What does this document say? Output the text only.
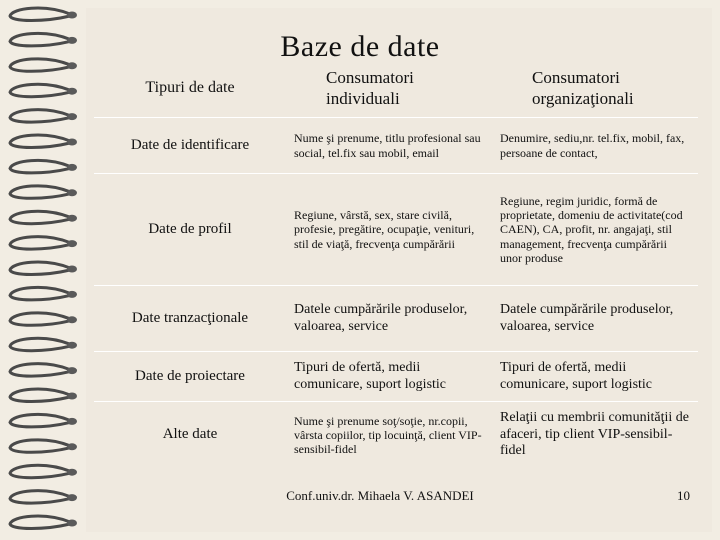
Baze de date
Tipuri de date
Consumatori individuali
Consumatori organizaţionali
Date de identificare	Nume şi prenume, titlu profesional sau social, tel.fix sau mobil, email
Denumire, sediu,nr. tel.fix, mobil, fax, persoane de contact,
Date de profil
Regiune, vârstă, sex, stare civilă, profesie, pregătire, ocupaţie, venituri, stil de viaţă, frecvenţa cumpărării
Regiune, regim juridic, formă de proprietate, domeniu de activitate(cod CAEN), CA, profit, nr. angajaţi, stil management, frecvenţa cumpărării unor produse
Date tranzacţionale
Datele cumpărările produselor, valoarea, service
Datele cumpărările produselor, valoarea, service
Date de proiectare
Tipuri de ofertă, medii comunicare, suport logistic
Tipuri de ofertă, medii comunicare, suport logistic
Alte date
Nume şi prenume soţ/soţie, nr.copii, vârsta copiilor, tip locuinţă, client VIP-sensibil-fidel
Relaţii cu membrii comunităţii de afaceri, tip client VIP-sensibil-fidel
Conf.univ.dr. Mihaela V. ASANDEI	10
